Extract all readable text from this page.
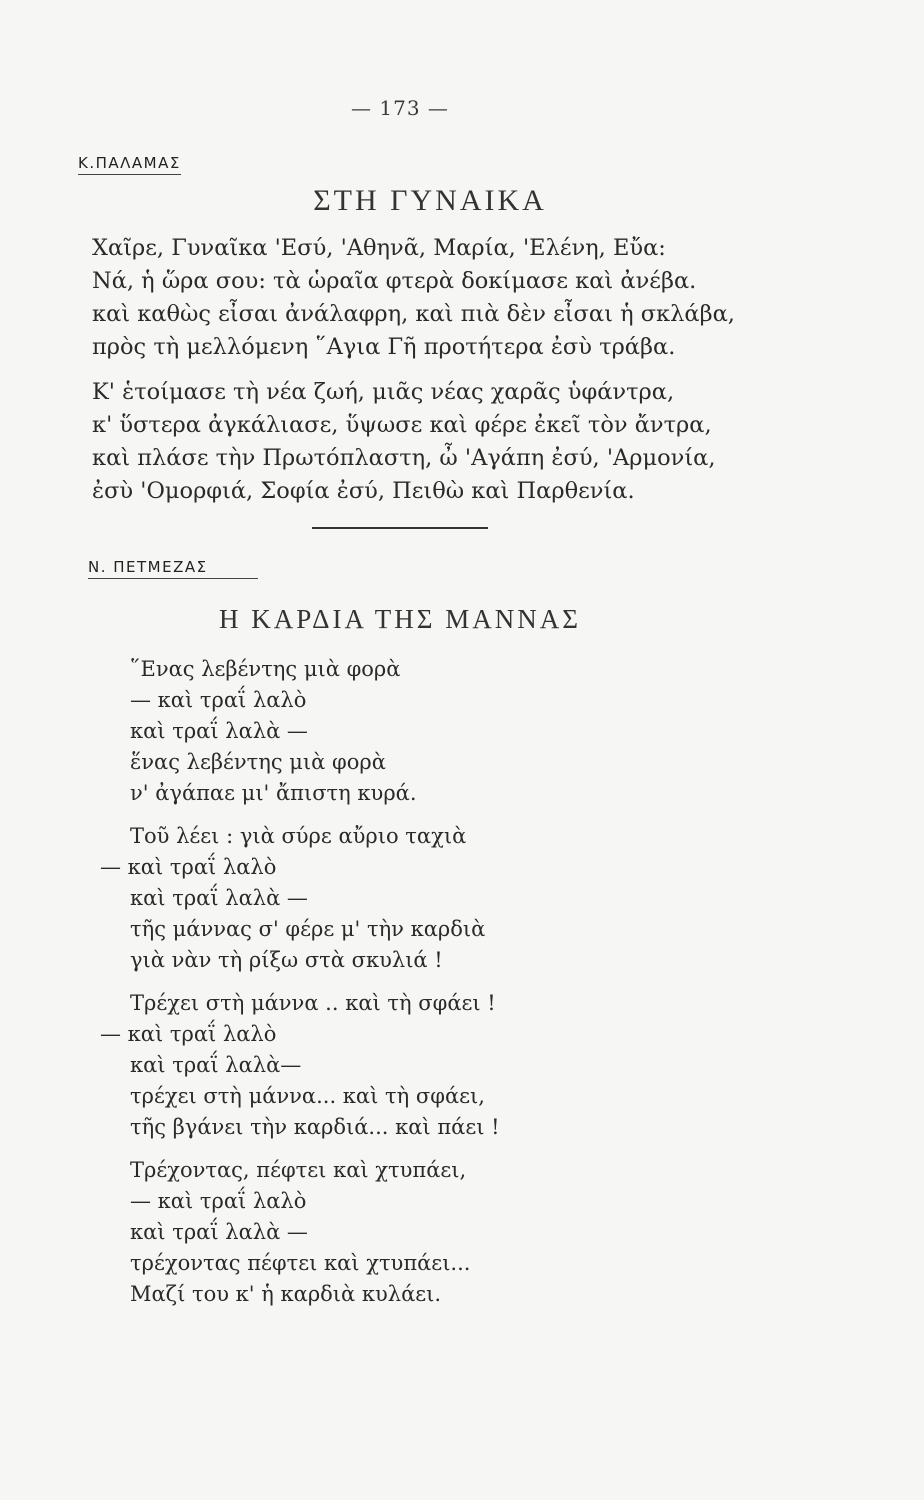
— 173 —
Κ.ΠΑΛΑΜΑΣ
ΣΤΗ ΓΥΝΑΙΚΑ
Χαῖρε, Γυναῖκα 'Εσύ, 'Αθηνᾶ, Μαρία, 'Ελένη, Εὔα:
Νά, ἡ ὥρα σου: τὰ ὡραῖα φτερὰ δοκίμασε καὶ ἀνέβα.
καὶ καθὼς εἶσαι ἀνάλαφρη, καὶ πιὰ δὲν εἶσαι ἡ σκλάβα,
πρὸς τὴ μελλόμενη ῞Αγια Γῆ προτήτερα ἐσὺ τράβα.
Κ' ἑτοίμασε τὴ νέα ζωή, μιᾶς νέας χαρᾶς ὑφάντρα,
κ' ὕστερα ἀγκάλιασε, ὕψωσε καὶ φέρε ἐκεῖ τὸν ἄντρα,
καὶ πλάσε τὴν Πρωτόπλαστη, ὦ 'Αγάπη ἐσύ, 'Αρμονία,
ἐσὺ 'Ομορφιά, Σοφία ἐσύ, Πειθὼ καὶ Παρθενία.
Ν. ΠΕΤΜΕΖΑΣ
Η ΚΑΡΔΙΑ ΤΗΣ ΜΑΝΝΑΣ
῞Ενας λεβέντης μιὰ φορὰ
— καὶ τραΐ λαλὸ
καὶ τραΐ λαλὰ —
ἕνας λεβέντης μιὰ φορὰ
ν' ἀγάπαε μι' ἄπιστη κυρά.
Τοῦ λέει : γιὰ σύρε αὔριο ταχιὰ
— καὶ τραΐ λαλὸ
καὶ τραΐ λαλὰ —
τῆς μάννας σ' φέρε μ' τὴν καρδιὰ
γιὰ νὰν τὴ ρίξω στὰ σκυλιά !
Τρέχει στὴ μάννα .. καὶ τὴ σφάει !
— καὶ τραΐ λαλὸ
καὶ τραΐ λαλὰ—
τρέχει στὴ μάννα... καὶ τὴ σφάει,
τῆς βγάνει τὴν καρδιά... καὶ πάει !
Τρέχοντας, πέφτει καὶ χτυπάει,
— καὶ τραΐ λαλὸ
καὶ τραΐ λαλὰ —
τρέχοντας πέφτει καὶ χτυπάει...
Μαζί του κ' ἡ καρδιὰ κυλάει.
